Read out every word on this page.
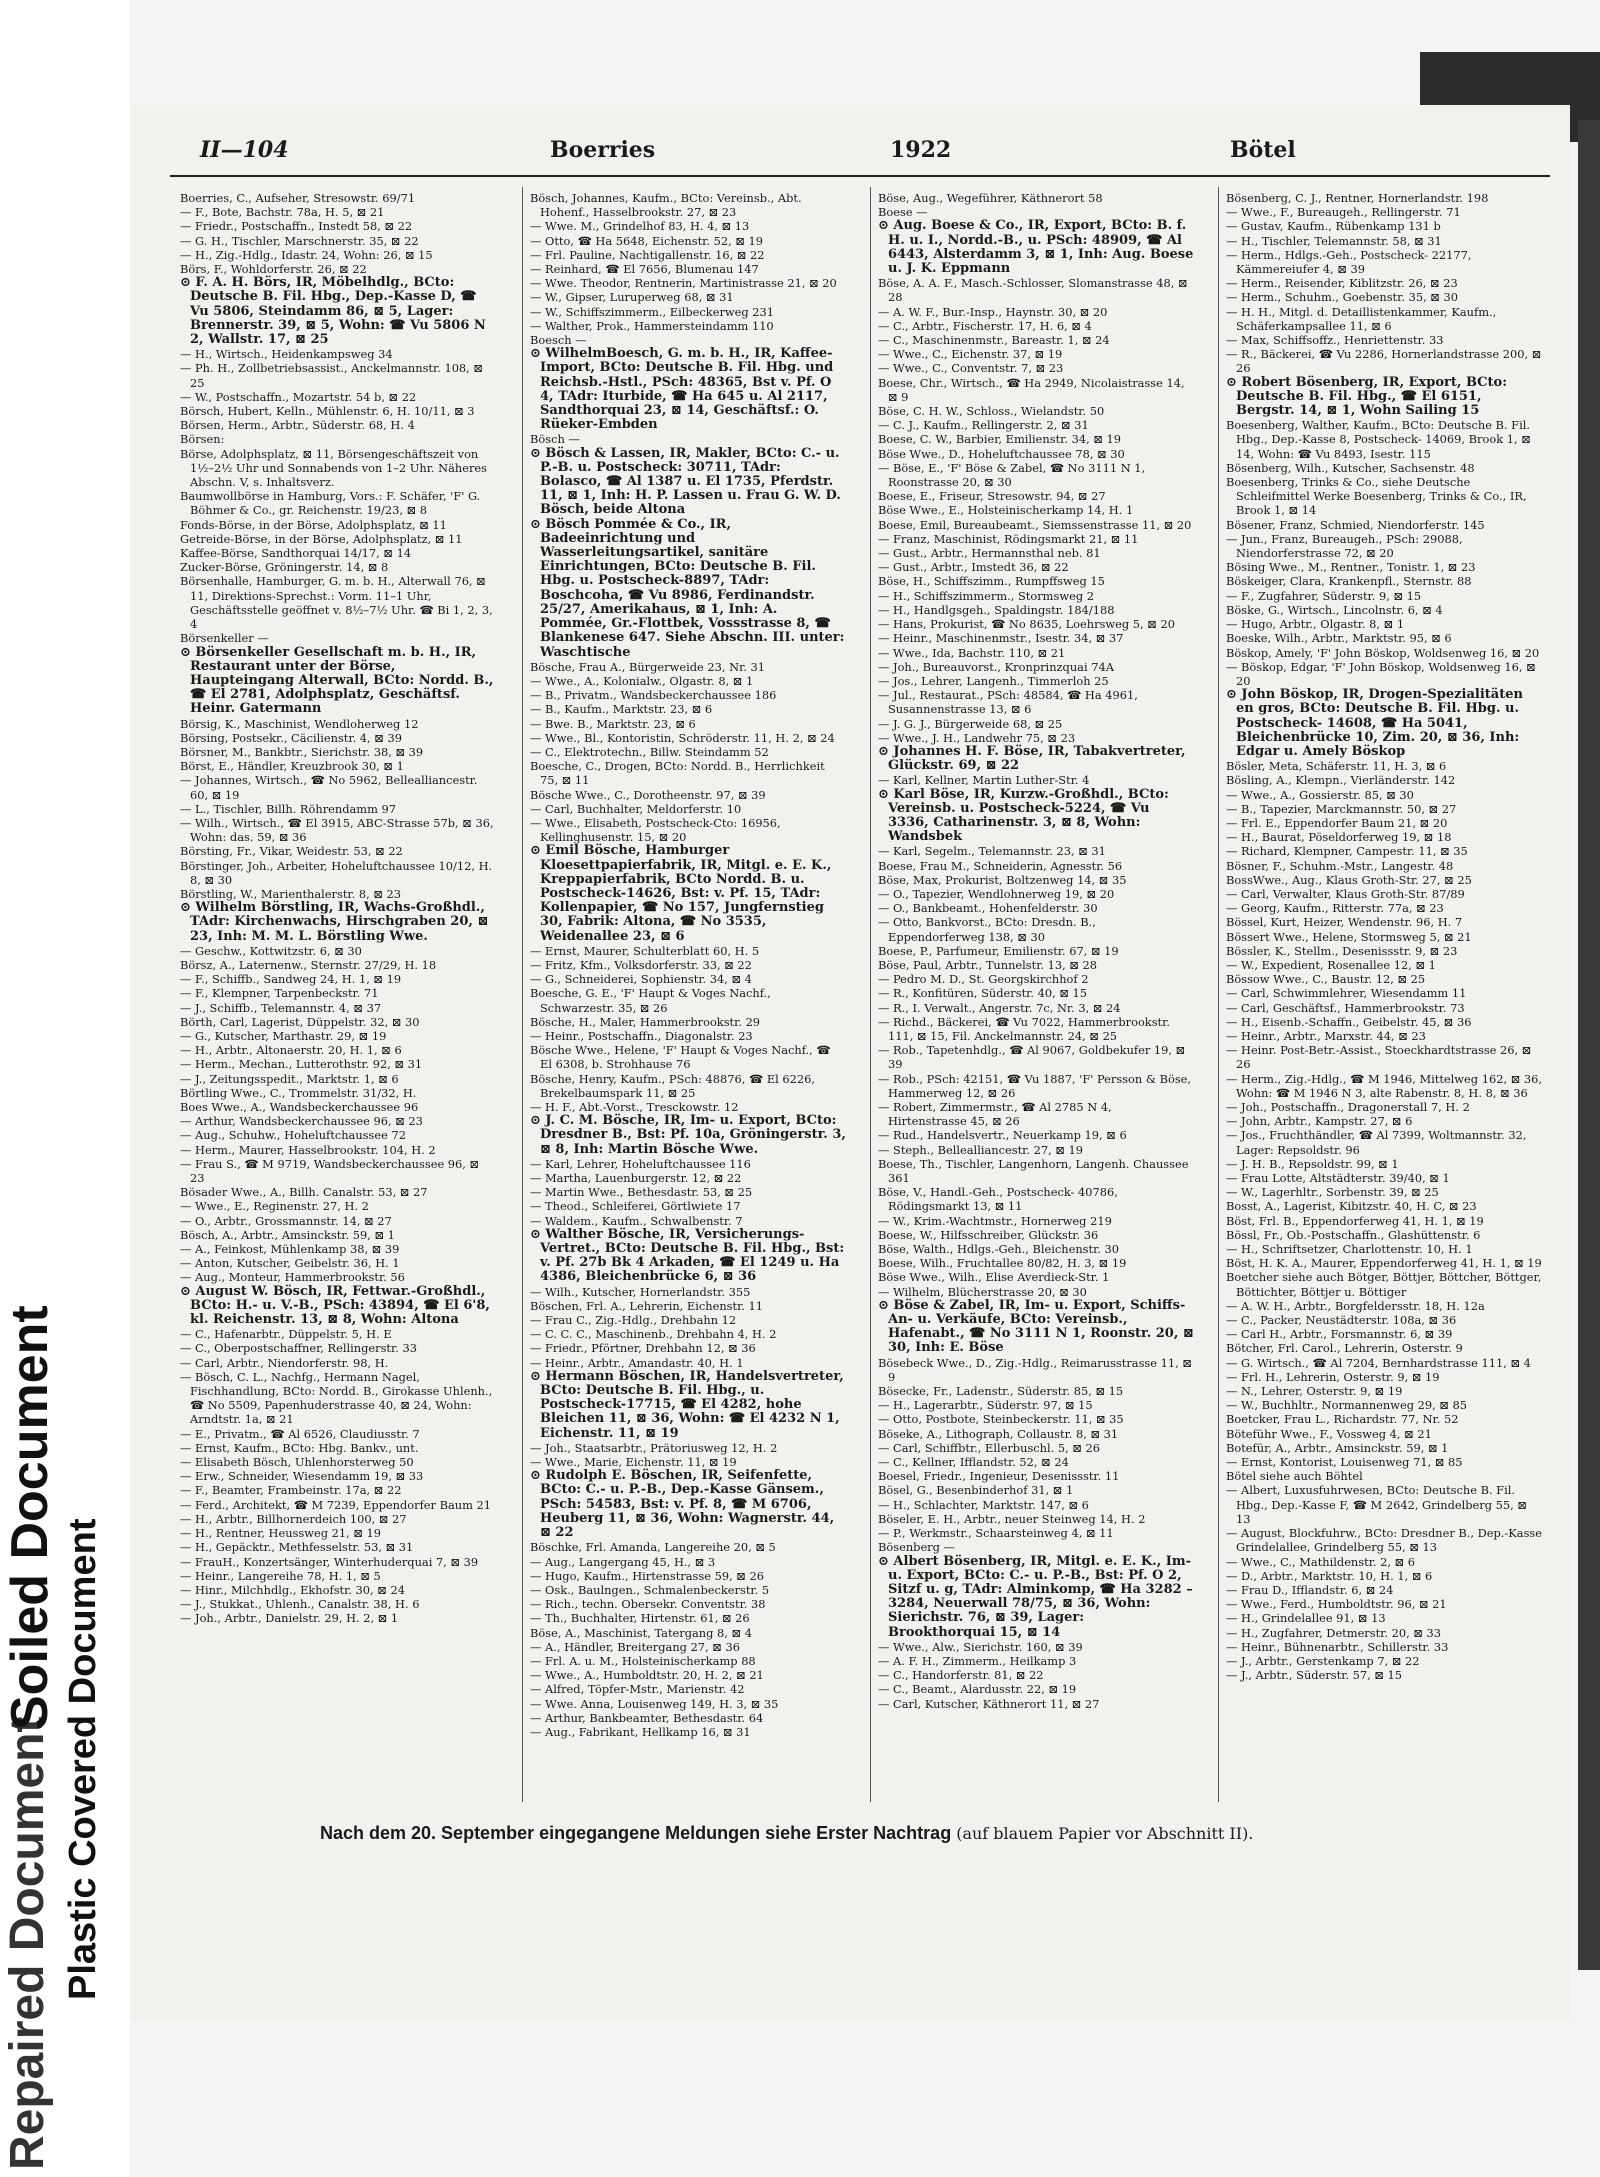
Repaired Document
Soiled Document
Plastic Covered Document
II—104	Boerries	1922	Bötel

Boerries, C., Aufseher, Stresowstr. 69/71

— F., Bote, Bachstr. 78a, H. 5, ⊠ 21

— Friedr., Postschaffn., Instedt 58, ⊠ 22

— G. H., Tischler, Marschnerstr. 35, ⊠ 22

— H., Zig.-Hdlg., Idastr. 24, Wohn: 26, ⊠ 15

Börs, F., Wohldorferstr. 26, ⊠ 22

⊙ F. A. H. Börs, IR, Möbelhdlg., BCto: Deutsche B. Fil. Hbg., Dep.-Kasse D, ☎ Vu 5806, Steindamm 86, ⊠ 5, Lager: Brennerstr. 39, ⊠ 5, Wohn: ☎ Vu 5806 N 2, Wallstr. 17, ⊠ 25

— H., Wirtsch., Heidenkampsweg 34

— Ph. H., Zollbetriebsassist., Anckelmannstr. 108, ⊠ 25

— W., Postschaffn., Mozartstr. 54 b, ⊠ 22

Börsch, Hubert, Kelln., Mühlenstr. 6, H. 10/11, ⊠ 3

Börsen, Herm., Arbtr., Süderstr. 68, H. 4

Börsen:

Börse, Adolphsplatz, ⊠ 11, Börsengeschäftszeit von 1½–2½ Uhr und Sonnabends von 1–2 Uhr. Näheres Abschn. V, s. Inhaltsverz.

Baumwollbörse in Hamburg, Vors.: F. Schäfer, 'F' G. Böhmer & Co., gr. Reichenstr. 19/23, ⊠ 8

Fonds-Börse, in der Börse, Adolphsplatz, ⊠ 11

Getreide-Börse, in der Börse, Adolphsplatz, ⊠ 11

Kaffee-Börse, Sandthorquai 14/17, ⊠ 14

Zucker-Börse, Gröningerstr. 14, ⊠ 8

Börsenhalle, Hamburger, G. m. b. H., Alterwall 76, ⊠ 11, Direktions-Sprechst.: Vorm. 11–1 Uhr, Geschäftsstelle geöffnet v. 8½–7½ Uhr. ☎ Bi 1, 2, 3, 4

Börsenkeller —

⊙ Börsenkeller Gesellschaft m. b. H., IR, Restaurant unter der Börse, Haupteingang Alterwall, BCto: Nordd. B., ☎ El 2781, Adolphsplatz, Geschäftsf. Heinr. Gatermann

Börsig, K., Maschinist, Wendloherweg 12

Börsing, Postsekr., Cäcilienstr. 4, ⊠ 39

Börsner, M., Bankbtr., Sierichstr. 38, ⊠ 39

Börst, E., Händler, Kreuzbrook 30, ⊠ 1

— Johannes, Wirtsch., ☎ No 5962, Bellealliancestr. 60, ⊠ 19

— L., Tischler, Billh. Röhrendamm 97

— Wilh., Wirtsch., ☎ El 3915, ABC-Strasse 57b, ⊠ 36, Wohn: das. 59, ⊠ 36

Börsting, Fr., Vikar, Weidestr. 53, ⊠ 22

Börstinger, Joh., Arbeiter, Hoheluftchaussee 10/12, H. 8, ⊠ 30

Börstling, W., Marienthalerstr. 8, ⊠ 23

⊙ Wilhelm Börstling, IR, Wachs-Großhdl., TAdr: Kirchenwachs, Hirschgraben 20, ⊠ 23, Inh: M. M. L. Börstling Wwe.

— Geschw., Kottwitzstr. 6, ⊠ 30

Börsz, A., Laternenw., Sternstr. 27/29, H. 18

— F., Schiffb., Sandweg 24, H. 1, ⊠ 19

— F., Klempner, Tarpenbeckstr. 71

— J., Schiffb., Telemannstr. 4, ⊠ 37

Börth, Carl, Lagerist, Düppelstr. 32, ⊠ 30

— G., Kutscher, Marthastr. 29, ⊠ 19

— H., Arbtr., Altonaerstr. 20, H. 1, ⊠ 6

— Herm., Mechan., Lutterothstr. 92, ⊠ 31

— J., Zeitungsspedit., Marktstr. 1, ⊠ 6

Börtling Wwe., C., Trommelstr. 31/32, H.

Boes Wwe., A., Wandsbeckerchaussee 96

— Arthur, Wandsbeckerchaussee 96, ⊠ 23

— Aug., Schuhw., Hoheluftchaussee 72

— Herm., Maurer, Hasselbrookstr. 104, H. 2

— Frau S., ☎ M 9719, Wandsbeckerchaussee 96, ⊠ 23

Bösader Wwe., A., Billh. Canalstr. 53, ⊠ 27

— Wwe., E., Reginenstr. 27, H. 2

— O., Arbtr., Grossmannstr. 14, ⊠ 27

Bösch, A., Arbtr., Amsinckstr. 59, ⊠ 1

— A., Feinkost, Mühlenkamp 38, ⊠ 39

— Anton, Kutscher, Geibelstr. 36, H. 1

— Aug., Monteur, Hammerbrookstr. 56

⊙ August W. Bösch, IR, Fettwar.-Großhdl., BCto: H.- u. V.-B., PSch: 43894, ☎ El 6'8, kl. Reichenstr. 13, ⊠ 8, Wohn: Altona

— C., Hafenarbtr., Düppelstr. 5, H. E

— C., Oberpostschaffner, Rellingerstr. 33

— Carl, Arbtr., Niendorferstr. 98, H.

— Bösch, C. L., Nachfg., Hermann Nagel, Fischhandlung, BCto: Nordd. B., Girokasse Uhlenh., ☎ No 5509, Papenhuderstrasse 40, ⊠ 24, Wohn: Arndtstr. 1a, ⊠ 21

— E., Privatm., ☎ Al 6526, Claudiusstr. 7

— Ernst, Kaufm., BCto: Hbg. Bankv., unt.

— Elisabeth Bösch, Uhlenhorsterweg 50

— Erw., Schneider, Wiesendamm 19, ⊠ 33

— F., Beamter, Frambeinstr. 17a, ⊠ 22

— Ferd., Architekt, ☎ M 7239, Eppendorfer Baum 21

— H., Arbtr., Billhornerdeich 100, ⊠ 27

— H., Rentner, Heussweg 21, ⊠ 19

— H., Gepäcktr., Methfesselstr. 53, ⊠ 31

— FrauH., Konzertsänger, Winterhuderquai 7, ⊠ 39

— Heinr., Langereihe 78, H. 1, ⊠ 5

— Hinr., Milchhdlg., Ekhofstr. 30, ⊠ 24

— J., Stukkat., Uhlenh., Canalstr. 38, H. 6

— Joh., Arbtr., Danielstr. 29, H. 2, ⊠ 1

Bösch, Johannes, Kaufm., BCto: Vereinsb., Abt. Hohenf., Hasselbrookstr. 27, ⊠ 23

— Wwe. M., Grindelhof 83, H. 4, ⊠ 13

— Otto, ☎ Ha 5648, Eichenstr. 52, ⊠ 19

— Frl. Pauline, Nachtigallenstr. 16, ⊠ 22

— Reinhard, ☎ El 7656, Blumenau 147

— Wwe. Theodor, Rentnerin, Martinistrasse 21, ⊠ 20

— W., Gipser, Luruperweg 68, ⊠ 31

— W., Schiffszimmerm., Eilbeckerweg 231

— Walther, Prok., Hammersteindamm 110

Boesch —

⊙ WilhelmBoesch, G. m. b. H., IR, Kaffee-Import, BCto: Deutsche B. Fil. Hbg. und Reichsb.-Hstl., PSch: 48365, Bst v. Pf. O 4, TAdr: Iturbide, ☎ Ha 645 u. Al 2117, Sandthorquai 23, ⊠ 14, Geschäftsf.: O. Rüeker-Embden

Bösch —

⊙ Bösch & Lassen, IR, Makler, BCto: C.- u. P.-B. u. Postscheck: 30711, TAdr: Bolasco, ☎ Al 1387 u. El 1735, Pferdstr. 11, ⊠ 1, Inh: H. P. Lassen u. Frau G. W. D. Bösch, beide Altona

⊙ Bösch Pommée & Co., IR, Badeeinrichtung und Wasserleitungsartikel, sanitäre Einrichtungen, BCto: Deutsche B. Fil. Hbg. u. Postscheck-8897, TAdr: Boschcoha, ☎ Vu 8986, Ferdinandstr. 25/27, Amerikahaus, ⊠ 1, Inh: A. Pommée, Gr.-Flottbek, Vossstrasse 8, ☎ Blankenese 647. Siehe Abschn. III. unter: Waschtische

Bösche, Frau A., Bürgerweide 23, Nr. 31

— Wwe., A., Kolonialw., Olgastr. 8, ⊠ 1

— B., Privatm., Wandsbeckerchaussee 186

— B., Kaufm., Marktstr. 23, ⊠ 6

— Bwe. B., Marktstr. 23, ⊠ 6

— Wwe., Bl., Kontoristin, Schröderstr. 11, H. 2, ⊠ 24

— C., Elektrotechn., Billw. Steindamm 52

Boesche, C., Drogen, BCto: Nordd. B., Herrlichkeit 75, ⊠ 11

Bösche Wwe., C., Dorotheenstr. 97, ⊠ 39

— Carl, Buchhalter, Meldorferstr. 10

— Wwe., Elisabeth, Postscheck-Cto: 16956, Kellinghusenstr. 15, ⊠ 20

⊙ Emil Bösche, Hamburger Kloesettpapierfabrik, IR, Mitgl. e. E. K., Kreppapierfabrik, BCto Nordd. B. u. Postscheck-14626, Bst: v. Pf. 15, TAdr: Kollenpapier, ☎ No 157, Jungfernstieg 30, Fabrik: Altona, ☎ No 3535, Weidenallee 23, ⊠ 6

— Ernst, Maurer, Schulterblatt 60, H. 5

— Fritz, Kfm., Volksdorferstr. 33, ⊠ 22

— G., Schneiderei, Sophienstr. 34, ⊠ 4

Boesche, G. E., 'F' Haupt & Voges Nachf., Schwarzestr. 35, ⊠ 26

Bösche, H., Maler, Hammerbrookstr. 29

— Heinr., Postschaffn., Diagonalstr. 23

Bösche Wwe., Helene, 'F' Haupt & Voges Nachf., ☎ El 6308, b. Strohhause 76

Bösche, Henry, Kaufm., PSch: 48876, ☎ El 6226, Brekelbaumspark 11, ⊠ 25

— H. F., Abt.-Vorst., Tresckowstr. 12

⊙ J. C. M. Bösche, IR, Im- u. Export, BCto: Dresdner B., Bst: Pf. 10a, Gröningerstr. 3, ⊠ 8, Inh: Martin Bösche Wwe.

— Karl, Lehrer, Hoheluftchaussee 116

— Martha, Lauenburgerstr. 12, ⊠ 22

— Martin Wwe., Bethesdastr. 53, ⊠ 25

— Theod., Schleiferei, Görtlwiete 17

— Waldem., Kaufm., Schwalbenstr. 7

⊙ Walther Bösche, IR, Versicherungs-Vertret., BCto: Deutsche B. Fil. Hbg., Bst: v. Pf. 27b Bk 4 Arkaden, ☎ El 1249 u. Ha 4386, Bleichenbrücke 6, ⊠ 36

— Wilh., Kutscher, Hornerlandstr. 355

Böschen, Frl. A., Lehrerin, Eichenstr. 11

— Frau C., Zig.-Hdlg., Drehbahn 12

— C. C. C., Maschinenb., Drehbahn 4, H. 2

— Friedr., Pförtner, Drehbahn 12, ⊠ 36

— Heinr., Arbtr., Amandastr. 40, H. 1

⊙ Hermann Böschen, IR, Handelsvertreter, BCto: Deutsche B. Fil. Hbg., u. Postscheck-17715, ☎ El 4282, hohe Bleichen 11, ⊠ 36, Wohn: ☎ El 4232 N 1, Eichenstr. 11, ⊠ 19

— Joh., Staatsarbtr., Prätoriusweg 12, H. 2

— Wwe., Marie, Eichenstr. 11, ⊠ 19

⊙ Rudolph E. Böschen, IR, Seifenfette, BCto: C.- u. P.-B., Dep.-Kasse Gänsem., PSch: 54583, Bst: v. Pf. 8, ☎ M 6706, Heuberg 11, ⊠ 36, Wohn: Wagnerstr. 44, ⊠ 22

Böschke, Frl. Amanda, Langereihe 20, ⊠ 5

— Aug., Langergang 45, H., ⊠ 3

— Hugo, Kaufm., Hirtenstrasse 59, ⊠ 26

— Osk., Baulngen., Schmalenbeckerstr. 5

— Rich., techn. Obersekr. Conventstr. 38

— Th., Buchhalter, Hirtenstr. 61, ⊠ 26

Böse, A., Maschinist, Tatergang 8, ⊠ 4

— A., Händler, Breitergang 27, ⊠ 36

— Frl. A. u. M., Holsteinischerkamp 88

— Wwe., A., Humboldtstr. 20, H. 2, ⊠ 21

— Alfred, Töpfer-Mstr., Marienstr. 42

— Wwe. Anna, Louisenweg 149, H. 3, ⊠ 35

— Arthur, Bankbeamter, Bethesdastr. 64

— Aug., Fabrikant, Hellkamp 16, ⊠ 31

Böse, Aug., Wegeführer, Käthnerort 58

Boese —

⊙ Aug. Boese & Co., IR, Export, BCto: B. f. H. u. I., Nordd.-B., u. PSch: 48909, ☎ Al 6443, Alsterdamm 3, ⊠ 1, Inh: Aug. Boese u. J. K. Eppmann

Böse, A. A. F., Masch.-Schlosser, Slomanstrasse 48, ⊠ 28

— A. W. F., Bur.-Insp., Haynstr. 30, ⊠ 20

— C., Arbtr., Fischerstr. 17, H. 6, ⊠ 4

— C., Maschinenmstr., Bareastr. 1, ⊠ 24

— Wwe., C., Eichenstr. 37, ⊠ 19

— Wwe., C., Conventstr. 7, ⊠ 23

Boese, Chr., Wirtsch., ☎ Ha 2949, Nicolaistrasse 14, ⊠ 9

Böse, C. H. W., Schloss., Wielandstr. 50

— C. J., Kaufm., Rellingerstr. 2, ⊠ 31

Boese, C. W., Barbier, Emilienstr. 34, ⊠ 19

Böse Wwe., D., Hoheluftchaussee 78, ⊠ 30

— Böse, E., 'F' Böse & Zabel, ☎ No 3111 N 1, Roonstrasse 20, ⊠ 30

Boese, E., Friseur, Stresowstr. 94, ⊠ 27

Böse Wwe., E., Holsteinischerkamp 14, H. 1

Boese, Emil, Bureaubeamt., Siemssenstrasse 11, ⊠ 20

— Franz, Maschinist, Rödingsmarkt 21, ⊠ 11

— Gust., Arbtr., Hermannsthal neb. 81

— Gust., Arbtr., Imstedt 36, ⊠ 22

Böse, H., Schiffszimm., Rumpffsweg 15

— H., Schiffszimmerm., Stormsweg 2

— H., Handlgsgeh., Spaldingstr. 184/188

— Hans, Prokurist, ☎ No 8635, Loehrsweg 5, ⊠ 20

— Heinr., Maschinenmstr., Isestr. 34, ⊠ 37

— Wwe., Ida, Bachstr. 110, ⊠ 21

— Joh., Bureauvorst., Kronprinzquai 74A

— Jos., Lehrer, Langenh., Timmerloh 25

— Jul., Restaurat., PSch: 48584, ☎ Ha 4961, Susannenstrasse 13, ⊠ 6

— J. G. J., Bürgerweide 68, ⊠ 25

— Wwe., J. H., Landwehr 75, ⊠ 23

⊙ Johannes H. F. Böse, IR, Tabakvertreter, Glückstr. 69, ⊠ 22

— Karl, Kellner, Martin Luther-Str. 4

⊙ Karl Böse, IR, Kurzw.-Großhdl., BCto: Vereinsb. u. Postscheck-5224, ☎ Vu 3336, Catharinenstr. 3, ⊠ 8, Wohn: Wandsbek

— Karl, Segelm., Telemannstr. 23, ⊠ 31

Boese, Frau M., Schneiderin, Agnesstr. 56

Böse, Max, Prokurist, Boltzenweg 14, ⊠ 35

— O., Tapezier, Wendlohnerweg 19, ⊠ 20

— O., Bankbeamt., Hohenfelderstr. 30

— Otto, Bankvorst., BCto: Dresdn. B., Eppendorferweg 138, ⊠ 30

Boese, P., Parfumeur, Emilienstr. 67, ⊠ 19

Böse, Paul, Arbtr., Tunnelstr. 13, ⊠ 28

— Pedro M. D., St. Georgskirchhof 2

— R., Konfitüren, Süderstr. 40, ⊠ 15

— R., I. Verwalt., Angerstr. 7c, Nr. 3, ⊠ 24

— Richd., Bäckerei, ☎ Vu 7022, Hammerbrookstr. 111, ⊠ 15, Fil. Anckelmannstr. 24, ⊠ 25

— Rob., Tapetenhdlg., ☎ Al 9067, Goldbekufer 19, ⊠ 39

— Rob., PSch: 42151, ☎ Vu 1887, 'F' Persson & Böse, Hammerweg 12, ⊠ 26

— Robert, Zimmermstr., ☎ Al 2785 N 4, Hirtenstrasse 45, ⊠ 26

— Rud., Handelsvertr., Neuerkamp 19, ⊠ 6

— Steph., Bellealliancestr. 27, ⊠ 19

Boese, Th., Tischler, Langenhorn, Langenh. Chaussee 361

Böse, V., Handl.-Geh., Postscheck- 40786, Rödingsmarkt 13, ⊠ 11

— W., Krim.-Wachtmstr., Hornerweg 219

Boese, W., Hilfsschreiber, Glückstr. 36

Böse, Walth., Hdlgs.-Geh., Bleichenstr. 30

Boese, Wilh., Fruchtallee 80/82, H. 3, ⊠ 19

Böse Wwe., Wilh., Elise Averdieck-Str. 1

— Wilhelm, Blücherstrasse 20, ⊠ 30

⊙ Böse & Zabel, IR, Im- u. Export, Schiffs-An- u. Verkäufe, BCto: Vereinsb., Hafenabt., ☎ No 3111 N 1, Roonstr. 20, ⊠ 30, Inh: E. Böse

Bösebeck Wwe., D., Zig.-Hdlg., Reimarusstrasse 11, ⊠ 9

Bösecke, Fr., Ladenstr., Süderstr. 85, ⊠ 15

— H., Lagerarbtr., Süderstr. 97, ⊠ 15

— Otto, Postbote, Steinbeckerstr. 11, ⊠ 35

Böseke, A., Lithograph, Collaustr. 8, ⊠ 31

— Carl, Schiffbtr., Ellerbuschl. 5, ⊠ 26

— C., Kellner, Ifflandstr. 52, ⊠ 24

Boesel, Friedr., Ingenieur, Desenissstr. 11

Bösel, G., Besenbinderhof 31, ⊠ 1

— H., Schlachter, Marktstr. 147, ⊠ 6

Böseler, E. H., Arbtr., neuer Steinweg 14, H. 2

— P., Werkmstr., Schaarsteinweg 4, ⊠ 11

Bösenberg —

⊙ Albert Bösenberg, IR, Mitgl. e. E. K., Im- u. Export, BCto: C.- u. P.-B., Bst: Pf. O 2, Sitzf u. g, TAdr: Alminkomp, ☎ Ha 3282 – 3284, Neuerwall 78/75, ⊠ 36, Wohn: Sierichstr. 76, ⊠ 39, Lager: Brookthorquai 15, ⊠ 14

— Wwe., Alw., Sierichstr. 160, ⊠ 39

— A. F. H., Zimmerm., Heilkamp 3

— C., Handorferstr. 81, ⊠ 22

— C., Beamt., Alardusstr. 22, ⊠ 19

— Carl, Kutscher, Käthnerort 11, ⊠ 27

Bösenberg, C. J., Rentner, Hornerlandstr. 198

— Wwe., F., Bureaugeh., Rellingerstr. 71

— Gustav, Kaufm., Rübenkamp 131 b

— H., Tischler, Telemannstr. 58, ⊠ 31

— Herm., Hdlgs.-Geh., Postscheck- 22177, Kämmereiufer 4, ⊠ 39

— Herm., Reisender, Kiblitzstr. 26, ⊠ 23

— Herm., Schuhm., Goebenstr. 35, ⊠ 30

— H. H., Mitgl. d. Detaillistenkammer, Kaufm., Schäferkampsallee 11, ⊠ 6

— Max, Schiffsoffz., Henriettenstr. 33

— R., Bäckerei, ☎ Vu 2286, Hornerlandstrasse 200, ⊠ 26

⊙ Robert Bösenberg, IR, Export, BCto: Deutsche B. Fil. Hbg., ☎ El 6151, Bergstr. 14, ⊠ 1, Wohn Sailing 15

Boesenberg, Walther, Kaufm., BCto: Deutsche B. Fil. Hbg., Dep.-Kasse 8, Postscheck- 14069, Brook 1, ⊠ 14, Wohn: ☎ Vu 8493, Isestr. 115

Bösenberg, Wilh., Kutscher, Sachsenstr. 48

Boesenberg, Trinks & Co., siehe Deutsche Schleifmittel Werke Boesenberg, Trinks & Co., IR, Brook 1, ⊠ 14

Bösener, Franz, Schmied, Niendorferstr. 145

— Jun., Franz, Bureaugeh., PSch: 29088, Niendorferstrasse 72, ⊠ 20

Bösing Wwe., M., Rentner., Tonistr. 1, ⊠ 23

Böskeiger, Clara, Krankenpfl., Sternstr. 88

— F., Zugfahrer, Süderstr. 9, ⊠ 15

Böske, G., Wirtsch., Lincolnstr. 6, ⊠ 4

— Hugo, Arbtr., Olgastr. 8, ⊠ 1

Boeske, Wilh., Arbtr., Marktstr. 95, ⊠ 6

Böskop, Amely, 'F' John Böskop, Woldsenweg 16, ⊠ 20

— Böskop, Edgar, 'F' John Böskop, Woldsenweg 16, ⊠ 20

⊙ John Böskop, IR, Drogen-Spezialitäten en gros, BCto: Deutsche B. Fil. Hbg. u. Postscheck- 14608, ☎ Ha 5041, Bleichenbrücke 10, Zim. 20, ⊠ 36, Inh: Edgar u. Amely Böskop

Bösler, Meta, Schäferstr. 11, H. 3, ⊠ 6

Bösling, A., Klempn., Vierländerstr. 142

— Wwe., A., Gossierstr. 85, ⊠ 30

— B., Tapezier, Marckmannstr. 50, ⊠ 27

— Frl. E., Eppendorfer Baum 21, ⊠ 20

— H., Baurat, Pöseldorferweg 19, ⊠ 18

— Richard, Klempner, Campestr. 11, ⊠ 35

Bösner, F., Schuhm.-Mstr., Langestr. 48

BossWwe., Aug., Klaus Groth-Str. 27, ⊠ 25

— Carl, Verwalter, Klaus Groth-Str. 87/89

— Georg, Kaufm., Ritterstr. 77a, ⊠ 23

Bössel, Kurt, Heizer, Wendenstr. 96, H. 7

Bössert Wwe., Helene, Stormsweg 5, ⊠ 21

Bössler, K., Stellm., Desenissstr. 9, ⊠ 23

— W., Expedient, Rosenallee 12, ⊠ 1

Bössow Wwe., C., Baustr. 12, ⊠ 25

— Carl, Schwimmlehrer, Wiesendamm 11

— Carl, Geschäftsf., Hammerbrookstr. 73

— H., Eisenb.-Schaffn., Geibelstr. 45, ⊠ 36

— Heinr., Arbtr., Marxstr. 44, ⊠ 23

— Heinr. Post-Betr.-Assist., Stoeckhardtstrasse 26, ⊠ 26

— Herm., Zig.-Hdlg., ☎ M 1946, Mittelweg 162, ⊠ 36, Wohn: ☎ M 1946 N 3, alte Rabenstr. 8, H. 8, ⊠ 36

— Joh., Postschaffn., Dragonerstall 7, H. 2

— John, Arbtr., Kampstr. 27, ⊠ 6

— Jos., Fruchthändler, ☎ Al 7399, Woltmannstr. 32, Lager: Repsoldstr. 96

— J. H. B., Repsoldstr. 99, ⊠ 1

— Frau Lotte, Altstädterstr. 39/40, ⊠ 1

— W., Lagerhltr., Sorbenstr. 39, ⊠ 25

Bosst, A., Lagerist, Kibitzstr. 40, H. C, ⊠ 23

Böst, Frl. B., Eppendorferweg 41, H. 1, ⊠ 19

Bössl, Fr., Ob.-Postschaffn., Glashüttenstr. 6

— H., Schriftsetzer, Charlottenstr. 10, H. 1

Böst, H. K. A., Maurer, Eppendorferweg 41, H. 1, ⊠ 19

Boetcher siehe auch Bötger, Böttjer, Böttcher, Böttger, Böttichter, Böttjer u. Böttiger

— A. W. H., Arbtr., Borgfeldersstr. 18, H. 12a

— C., Packer, Neustädterstr. 108a, ⊠ 36

— Carl H., Arbtr., Forsmannstr. 6, ⊠ 39

Bötcher, Frl. Carol., Lehrerin, Osterstr. 9

— G. Wirtsch., ☎ Al 7204, Bernhardstrasse 111, ⊠ 4

— Frl. H., Lehrerin, Osterstr. 9, ⊠ 19

— N., Lehrer, Osterstr. 9, ⊠ 19

— W., Buchhltr., Normannenweg 29, ⊠ 85

Boetcker, Frau L., Richardstr. 77, Nr. 52

Böteführ Wwe., F., Vossweg 4, ⊠ 21

Botefür, A., Arbtr., Amsinckstr. 59, ⊠ 1

— Ernst, Kontorist, Louisenweg 71, ⊠ 85

Bötel siehe auch Böhtel

— Albert, Luxusfuhrwesen, BCto: Deutsche B. Fil. Hbg., Dep.-Kasse F, ☎ M 2642, Grindelberg 55, ⊠ 13

— August, Blockfuhrw., BCto: Dresdner B., Dep.-Kasse Grindelallee, Grindelberg 55, ⊠ 13

— Wwe., C., Mathildenstr. 2, ⊠ 6

— D., Arbtr., Marktstr. 10, H. 1, ⊠ 6

— Frau D., Ifflandstr. 6, ⊠ 24

— Wwe., Ferd., Humboldtstr. 96, ⊠ 21

— H., Grindelallee 91, ⊠ 13

— H., Zugfahrer, Detmerstr. 20, ⊠ 33

— Heinr., Bühnenarbtr., Schillerstr. 33

— J., Arbtr., Gerstenkamp 7, ⊠ 22

— J., Arbtr., Süderstr. 57, ⊠ 15

Nach dem 20. September eingegangene Meldungen siehe Erster Nachtrag (auf blauem Papier vor Abschnitt II).
